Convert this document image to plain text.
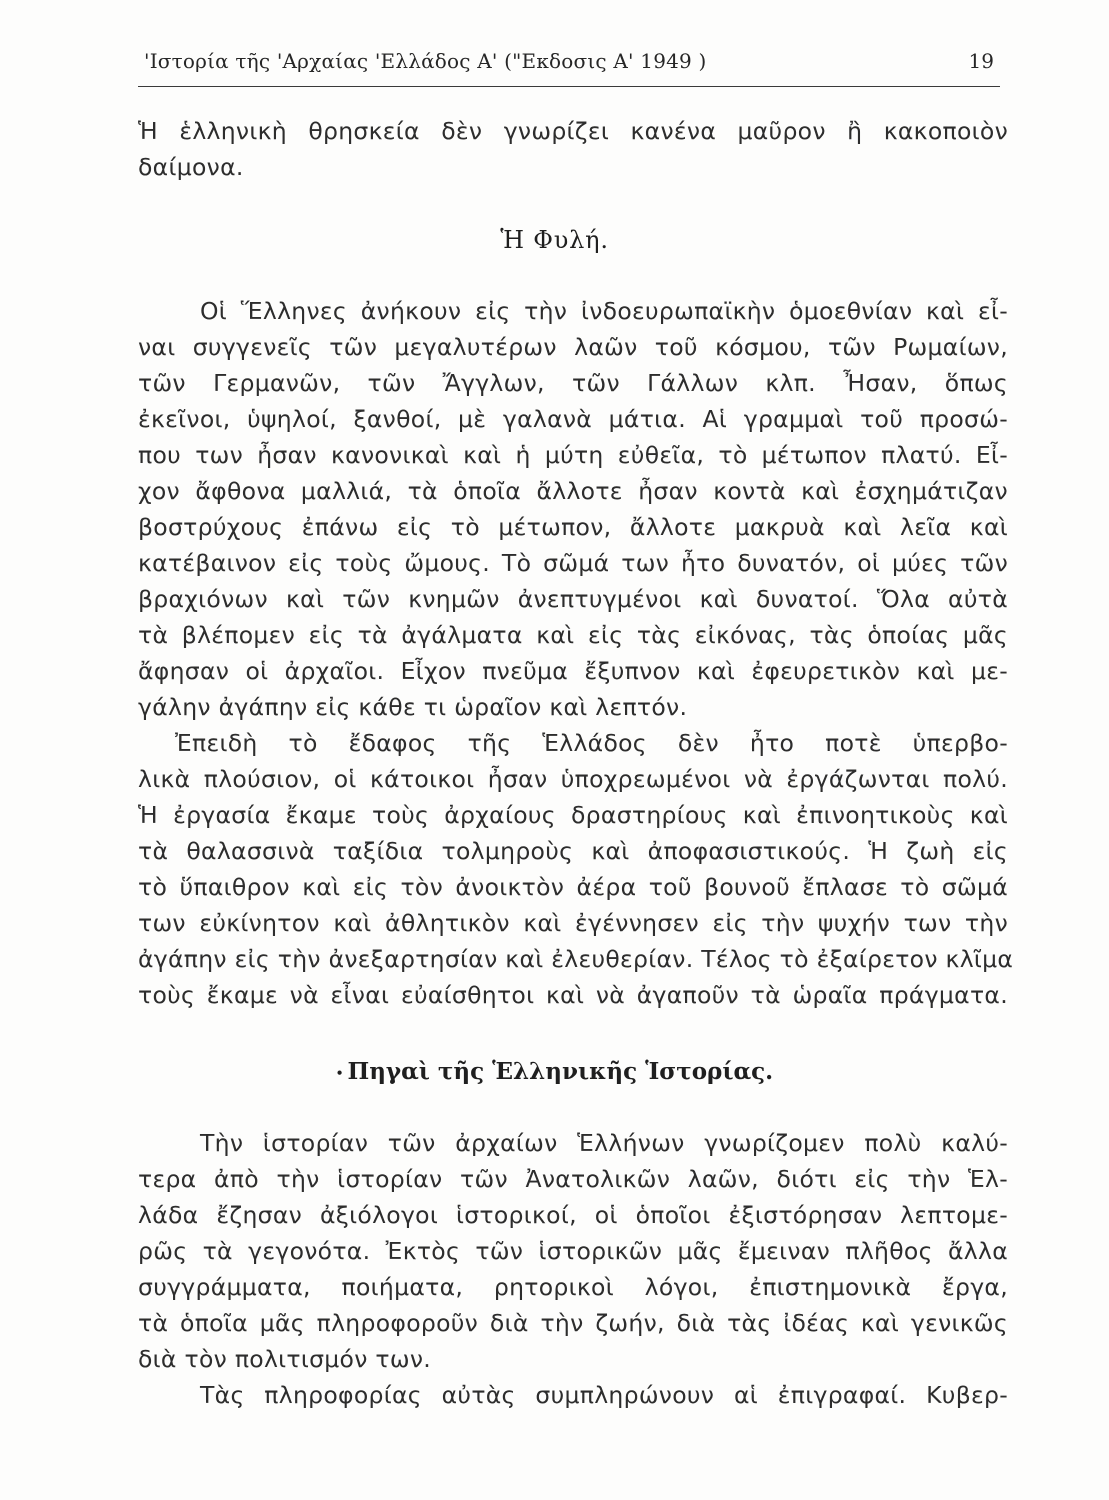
'Ιστορία τῆς 'Αρχαίας 'Ελλάδος Α' ("Εκδοσις Α' 1949 )	19
Ἡ ἑλληνικὴ θρησκεία δὲν γνωρίζει κανένα μαῦρον ἢ κακοποιὸν
δαίμονα.
Ἡ Φυλή.
Οἱ Ἕλληνες ἀνήκουν εἰς τὴν ἰνδοευρωπαϊκὴν ὁμοεθνίαν καὶ εἶ-
ναι συγγενεῖς τῶν μεγαλυτέρων λαῶν τοῦ κόσμου, τῶν Ρωμαίων,
τῶν Γερμανῶν, τῶν Ἄγγλων, τῶν Γάλλων κλπ. Ἦσαν, ὅπως
ἐκεῖνοι, ὑψηλοί, ξανθοί, μὲ γαλανὰ μάτια. Αἱ γραμμαὶ τοῦ προσώ-
που των ἦσαν κανονικαὶ καὶ ἡ μύτη εὐθεῖα, τὸ μέτωπον πλατύ. Εἶ-
χον ἄφθονα μαλλιά, τὰ ὁποῖα ἄλλοτε ἦσαν κοντὰ καὶ ἐσχημάτιζαν
βοστρύχους ἐπάνω εἰς τὸ μέτωπον, ἄλλοτε μακρυὰ καὶ λεῖα καὶ
κατέβαινον εἰς τοὺς ὤμους. Τὸ σῶμά των ἦτο δυνατόν, οἱ μύες τῶν
βραχιόνων καὶ τῶν κνημῶν ἀνεπτυγμένοι καὶ δυνατοί. Ὅλα αὐτὰ
τὰ βλέπομεν εἰς τὰ ἀγάλματα καὶ εἰς τὰς εἰκόνας, τὰς ὁποίας μᾶς
ἄφησαν οἱ ἀρχαῖοι. Εἶχον πνεῦμα ἔξυπνον καὶ ἐφευρετικὸν καὶ με-
γάλην ἀγάπην εἰς κάθε τι ὡραῖον καὶ λεπτόν.
Ἐπειδὴ τὸ ἔδαφος τῆς Ἑλλάδος δὲν ἦτο ποτὲ ὑπερβο-
λικὰ πλούσιον, οἱ κάτοικοι ἦσαν ὑποχρεωμένοι νὰ ἐργάζωνται πολύ.
Ἡ ἐργασία ἔκαμε τοὺς ἀρχαίους δραστηρίους καὶ ἐπινοητικοὺς καὶ
τὰ θαλασσινὰ ταξίδια τολμηροὺς καὶ ἀποφασιστικούς. Ἡ ζωὴ εἰς
τὸ ὕπαιθρον καὶ εἰς τὸν ἀνοικτὸν ἀέρα τοῦ βουνοῦ ἔπλασε τὸ σῶμά
των εὐκίνητον καὶ ἀθλητικὸν καὶ ἐγέννησεν εἰς τὴν ψυχήν των τὴν
ἀγάπην εἰς τὴν ἀνεξαρτησίαν καὶ ἐλευθερίαν. Τέλος τὸ ἐξαίρετον κλῖμα
τοὺς ἔκαμε νὰ εἶναι εὐαίσθητοι καὶ νὰ ἀγαποῦν τὰ ὡραῖα πράγματα.
• Πηγαὶ τῆς Ἑλληνικῆς Ἱστορίας.
Τὴν ἱστορίαν τῶν ἀρχαίων Ἑλλήνων γνωρίζομεν πολὺ καλύ-
τερα ἀπὸ τὴν ἱστορίαν τῶν Ἀνατολικῶν λαῶν, διότι εἰς τὴν Ἑλ-
λάδα ἔζησαν ἀξιόλογοι ἱστορικοί, οἱ ὁποῖοι ἐξιστόρησαν λεπτομε-
ρῶς τὰ γεγονότα. Ἐκτὸς τῶν ἱστορικῶν μᾶς ἔμειναν πλῆθος ἄλλα
συγγράμματα, ποιήματα, ρητορικοὶ λόγοι, ἐπιστημονικὰ ἔργα,
τὰ ὁποῖα μᾶς πληροφοροῦν διὰ τὴν ζωήν, διὰ τὰς ἰδέας καὶ γενικῶς
διὰ τὸν πολιτισμόν των.
Τὰς πληροφορίας αὐτὰς συμπληρώνουν αἱ ἐπιγραφαί. Κυβερ-
